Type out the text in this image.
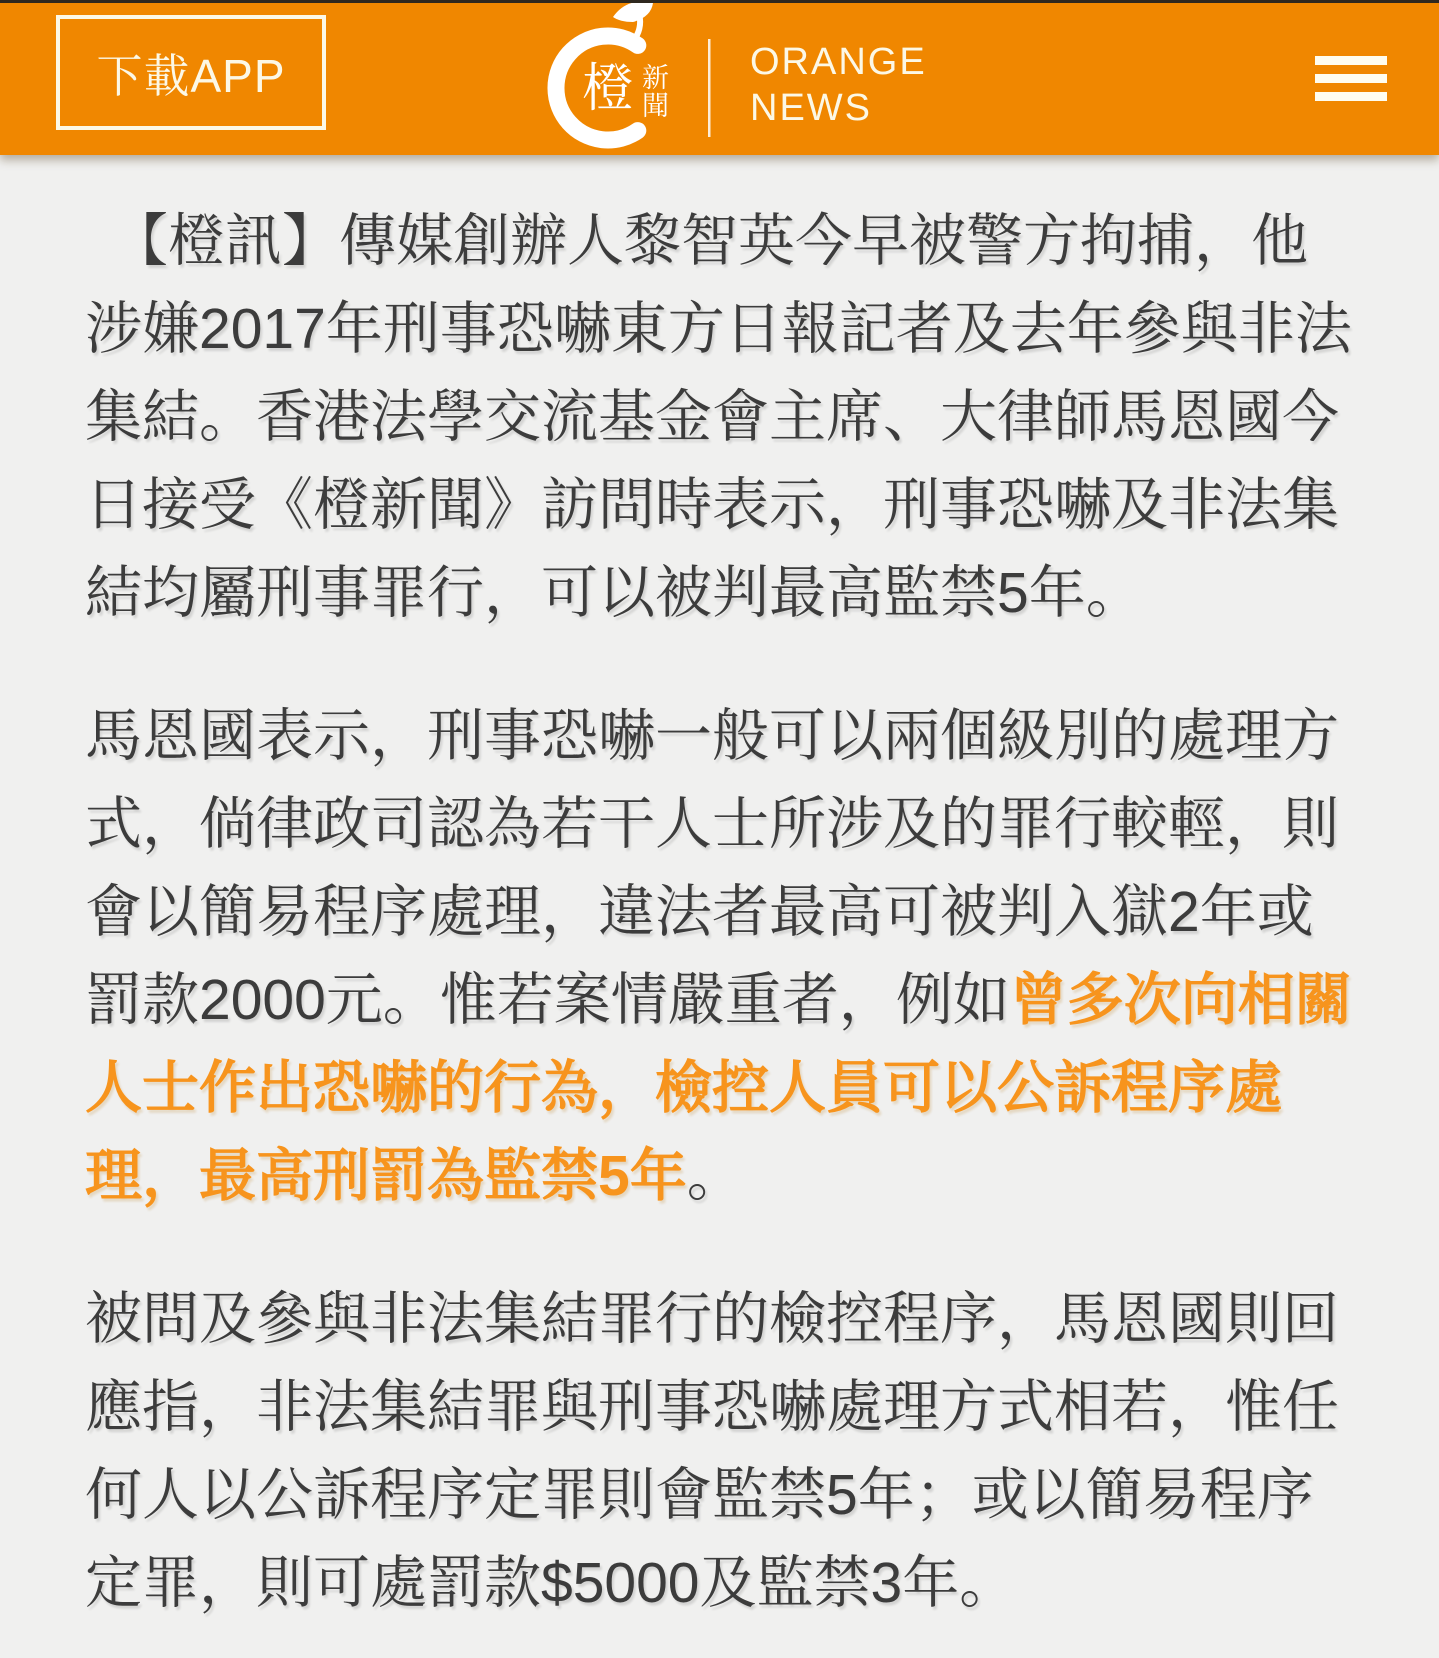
下載APP	橙 新
聞
ORANGE
NEWS

【橙訊】傳媒創辦人黎智英今早被警方拘捕，他涉嫌2017年刑事恐嚇東方日報記者及去年參與非法集結。香港法學交流基金會主席、大律師馬恩國今日接受《橙新聞》訪問時表示，刑事恐嚇及非法集結均屬刑事罪行，可以被判最高監禁5年。

馬恩國表示，刑事恐嚇一般可以兩個級別的處理方式，倘律政司認為若干人士所涉及的罪行較輕，則會以簡易程序處理，違法者最高可被判入獄2年或罰款2000元。惟若案情嚴重者，例如曾多次向相關人士作出恐嚇的行為，檢控人員可以公訴程序處理，最高刑罰為監禁5年。

被問及參與非法集結罪行的檢控程序，馬恩國則回應指，非法集結罪與刑事恐嚇處理方式相若，惟任何人以公訴程序定罪則會監禁5年；或以簡易程序定罪，則可處罰款$5000及監禁3年。
